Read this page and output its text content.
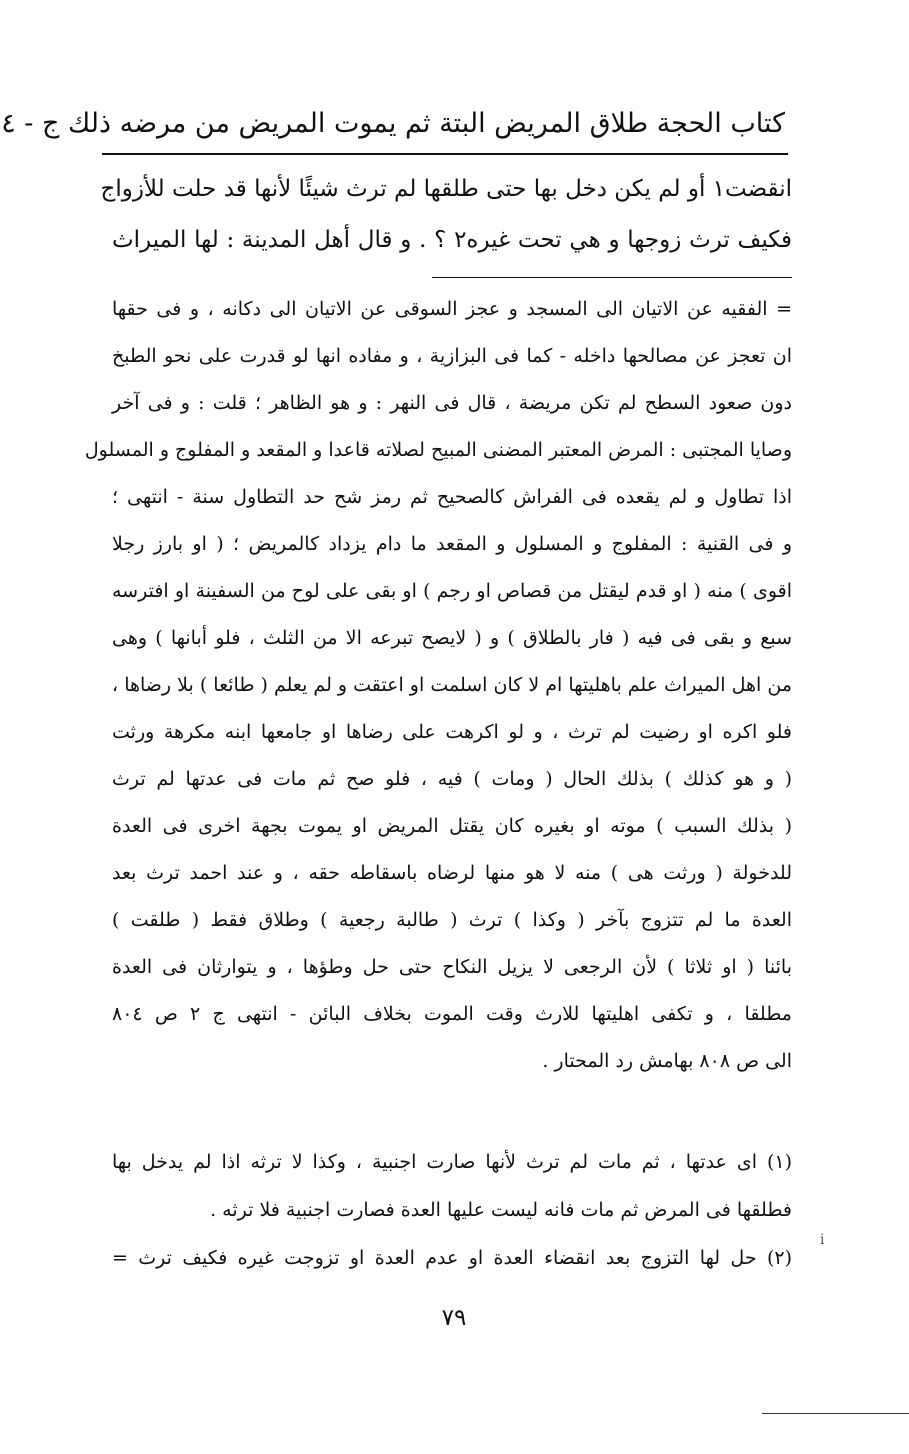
كتاب الحجة طلاق المريض البتة ثم يموت المريض من مرضه ذلك ج - ٤
انقضت١ أو لم يكن دخل بها حتى طلقها لم ترث شيئًا لأنها قد حلت للأزواج
فكيف ترث زوجها و هي تحت غيره٢ ؟ . و قال أهل المدينة : لها الميراث
= الفقيه عن الاتيان الى المسجد و عجز السوقى عن الاتيان الى دكانه ، و فى حقها
ان تعجز عن مصالحها داخله - كما فى البزازية ، و مفاده انها لو قدرت على نحو الطبخ
دون صعود السطح لم تكن مريضة ، قال فى النهر : و هو الظاهر ؛ قلت : و فى آخر
وصايا المجتبى : المرض المعتبر المضنى المبيح لصلاته قاعدا و المقعد و المفلوج و المسلول
اذا تطاول و لم يقعده فى الفراش كالصحيح ثم رمز شح حد التطاول سنة - انتهى ؛
و فى القنية : المفلوج و المسلول و المقعد ما دام يزداد كالمريض ؛ ( او بارز رجلا
اقوى ) منه ( او قدم ليقتل من قصاص او رجم ) او بقى على لوح من السفينة او افترسه
سبع و بقى فى فيه ( فار بالطلاق ) و ( لايصح تبرعه الا من الثلث ، فلو أبانها ) وهى
من اهل الميراث علم باهليتها ام لا كان اسلمت او اعتقت و لم يعلم ( طائعا ) بلا رضاها ،
فلو اكره او رضيت لم ترث ، و لو اكرهت على رضاها او جامعها ابنه مكرهة ورثت
( و هو كذلك ) بذلك الحال ( ومات ) فيه ، فلو صح ثم مات فى عدتها لم ترث
( بذلك السبب ) موته او بغيره كان يقتل المريض او يموت بجهة اخرى فى العدة
للدخولة ( ورثت هى ) منه لا هو منها لرضاه باسقاطه حقه ، و عند احمد ترث بعد
العدة ما لم تتزوج بآخر ( وكذا ) ترث ( طالبة رجعية ) وطلاق فقط ( طلقت )
بائنا ( او ثلاثا ) لأن الرجعى لا يزيل النكاح حتى حل وطؤها ، و يتوارثان فى العدة
مطلقا ، و تكفى اهليتها للارث وقت الموت بخلاف البائن - انتهى ج ٢ ص ٨٠٤
الى ص ٨٠٨ بهامش رد المحتار .
(١) اى عدتها ، ثم مات لم ترث لأنها صارت اجنبية ، وكذا لا ترثه اذا لم يدخل بها
فطلقها فى المرض ثم مات فانه ليست عليها العدة فصارت اجنبية فلا ترثه .
(٢) حل لها التزوج بعد انقضاء العدة او عدم العدة او تزوجت غيره فكيف ترث =
ⅰ
٧٩
